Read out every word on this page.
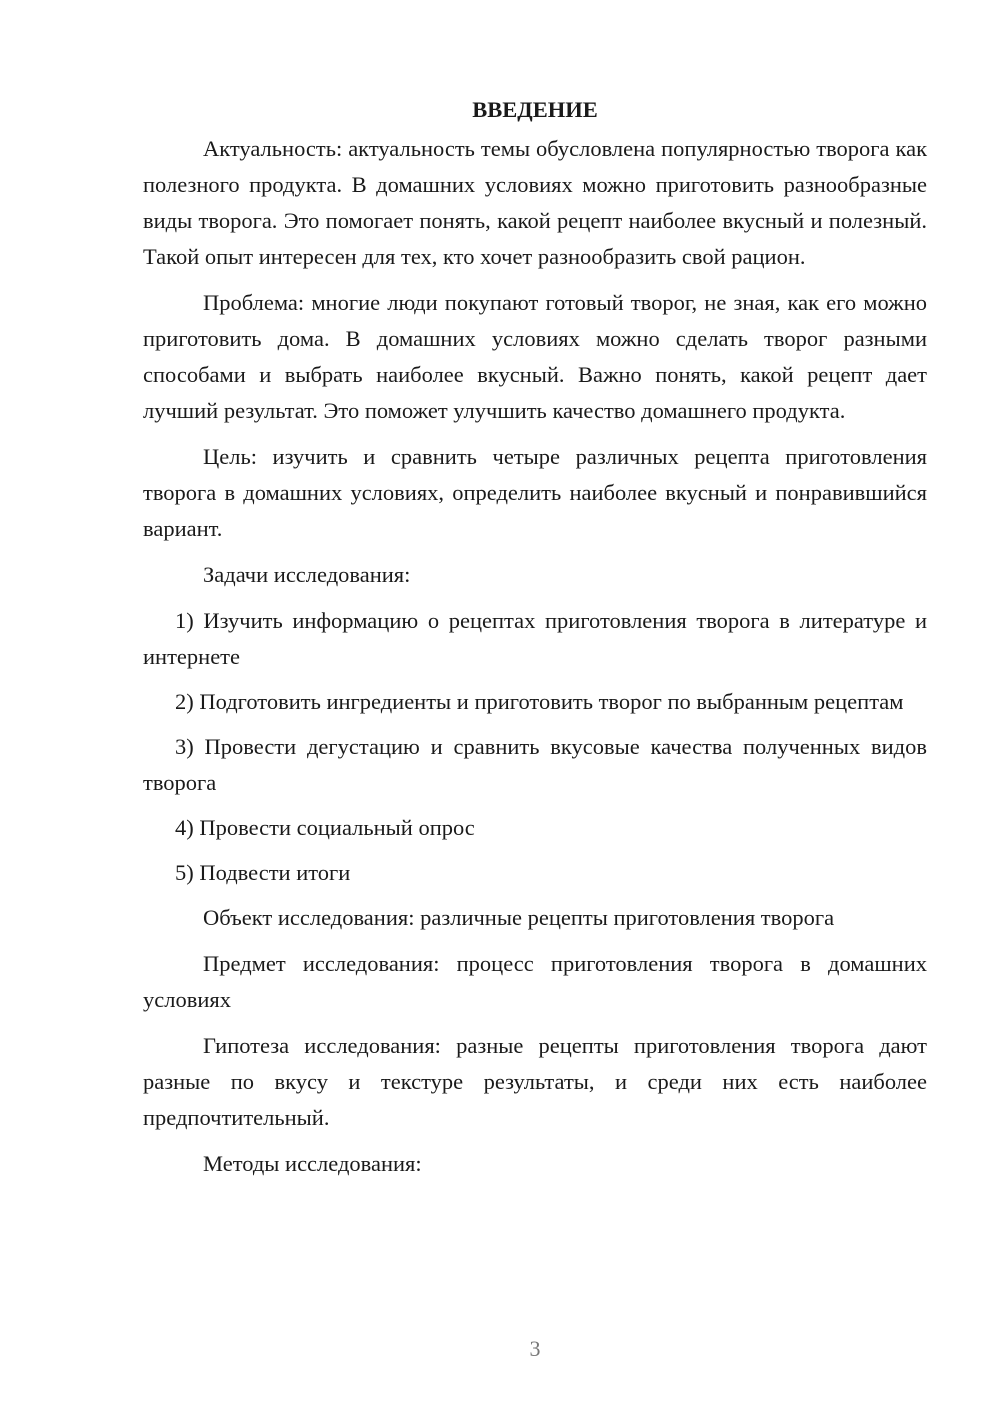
ВВЕДЕНИЕ

Актуальность: актуальность темы обусловлена популярностью творога как полезного продукта. В домашних условиях можно приготовить разнообразные виды творога. Это помогает понять, какой рецепт наиболее вкусный и полезный. Такой опыт интересен для тех, кто хочет разнообразить свой рацион.

Проблема: многие люди покупают готовый творог, не зная, как его можно приготовить дома. В домашних условиях можно сделать творог разными способами и выбрать наиболее вкусный. Важно понять, какой рецепт дает лучший результат. Это поможет улучшить качество домашнего продукта.

Цель: изучить и сравнить четыре различных рецепта приготовления творога в домашних условиях, определить наиболее вкусный и понравившийся вариант.

Задачи исследования:

1) Изучить информацию о рецептах приготовления творога в литературе и интернете

2) Подготовить ингредиенты и приготовить творог по выбранным рецептам

3) Провести дегустацию и сравнить вкусовые качества полученных видов творога

4) Провести социальный опрос

5) Подвести итоги

Объект исследования: различные рецепты приготовления творога

Предмет исследования: процесс приготовления творога в домашних условиях

Гипотеза исследования: разные рецепты приготовления творога дают разные по вкусу и текстуре результаты, и среди них есть наиболее предпочтительный.

Методы исследования:

3
